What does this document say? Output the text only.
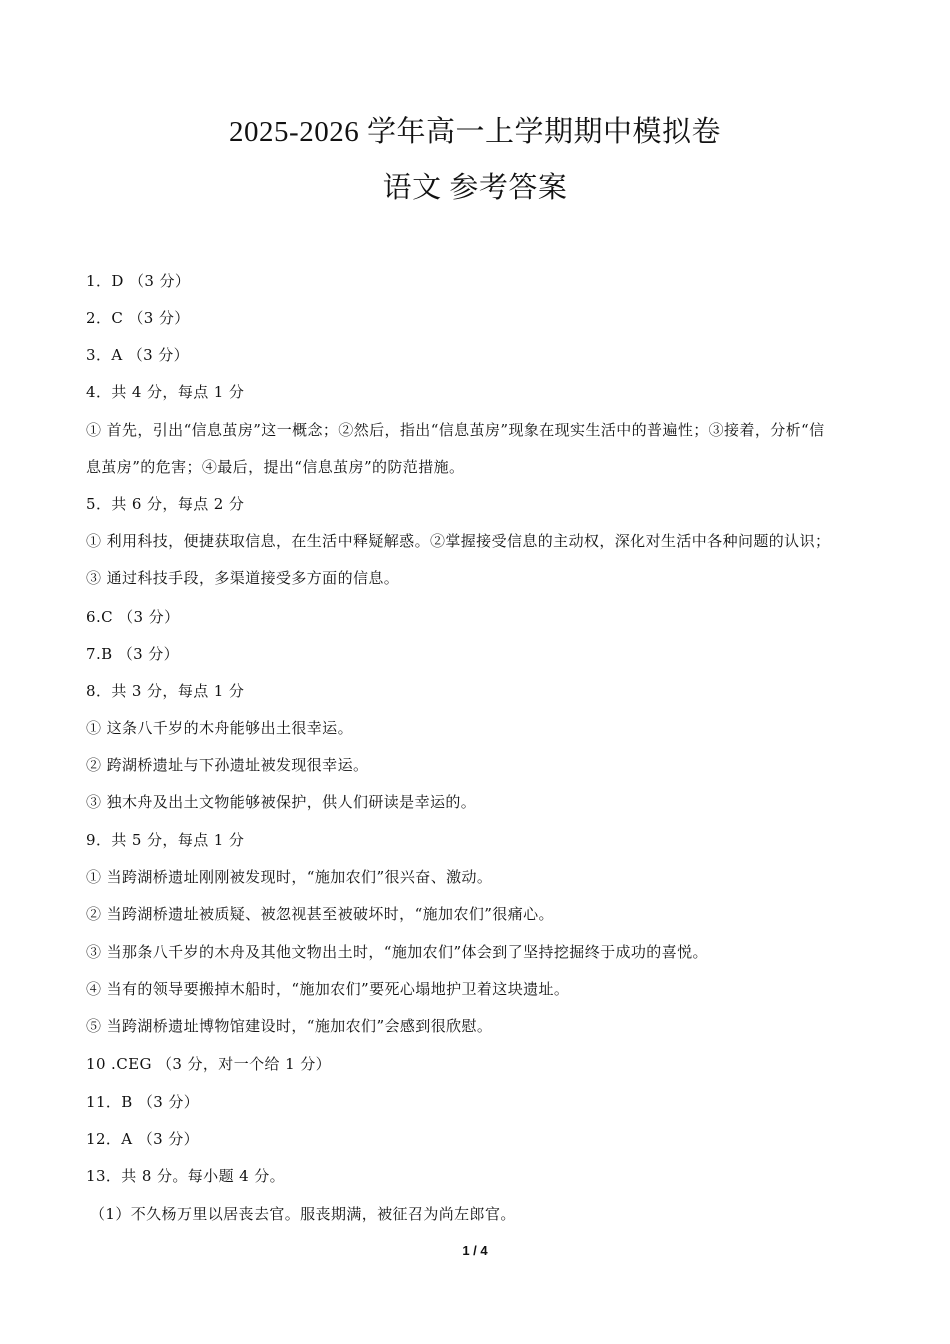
2025-2026 学年高一上学期期中模拟卷
语文 参考答案
1．D （3 分）
2．C （3 分）
3．A （3 分）
4．共 4 分，每点 1 分
① 首先，引出“信息茧房”这一概念；②然后，指出“信息茧房”现象在现实生活中的普遍性；③接着，分析“信
息茧房”的危害；④最后，提出“信息茧房”的防范措施。
5．共 6 分，每点 2 分
① 利用科技，便捷获取信息，在生活中释疑解惑。②掌握接受信息的主动权，深化对生活中各种问题的认识；
③ 通过科技手段，多渠道接受多方面的信息。
6.C （3 分）
7.B （3 分）
8．共 3 分，每点 1 分
① 这条八千岁的木舟能够出土很幸运。
② 跨湖桥遗址与下孙遗址被发现很幸运。
③ 独木舟及出土文物能够被保护，供人们研读是幸运的。
9．共 5 分，每点 1 分
① 当跨湖桥遗址刚刚被发现时，“施加农们”很兴奋、激动。
② 当跨湖桥遗址被质疑、被忽视甚至被破坏时，“施加农们”很痛心。
③ 当那条八千岁的木舟及其他文物出土时，“施加农们”体会到了坚持挖掘终于成功的喜悦。
④ 当有的领导要搬掉木船时，“施加农们”要死心塌地护卫着这块遗址。
⑤ 当跨湖桥遗址博物馆建设时，“施加农们”会感到很欣慰。
10 .CEG （3 分，对一个给 1 分）
11．B （3 分）
12．A （3 分）
13．共 8 分。每小题 4 分。
（1）不久杨万里以居丧去官。服丧期满，被征召为尚左郎官。
1 / 4
